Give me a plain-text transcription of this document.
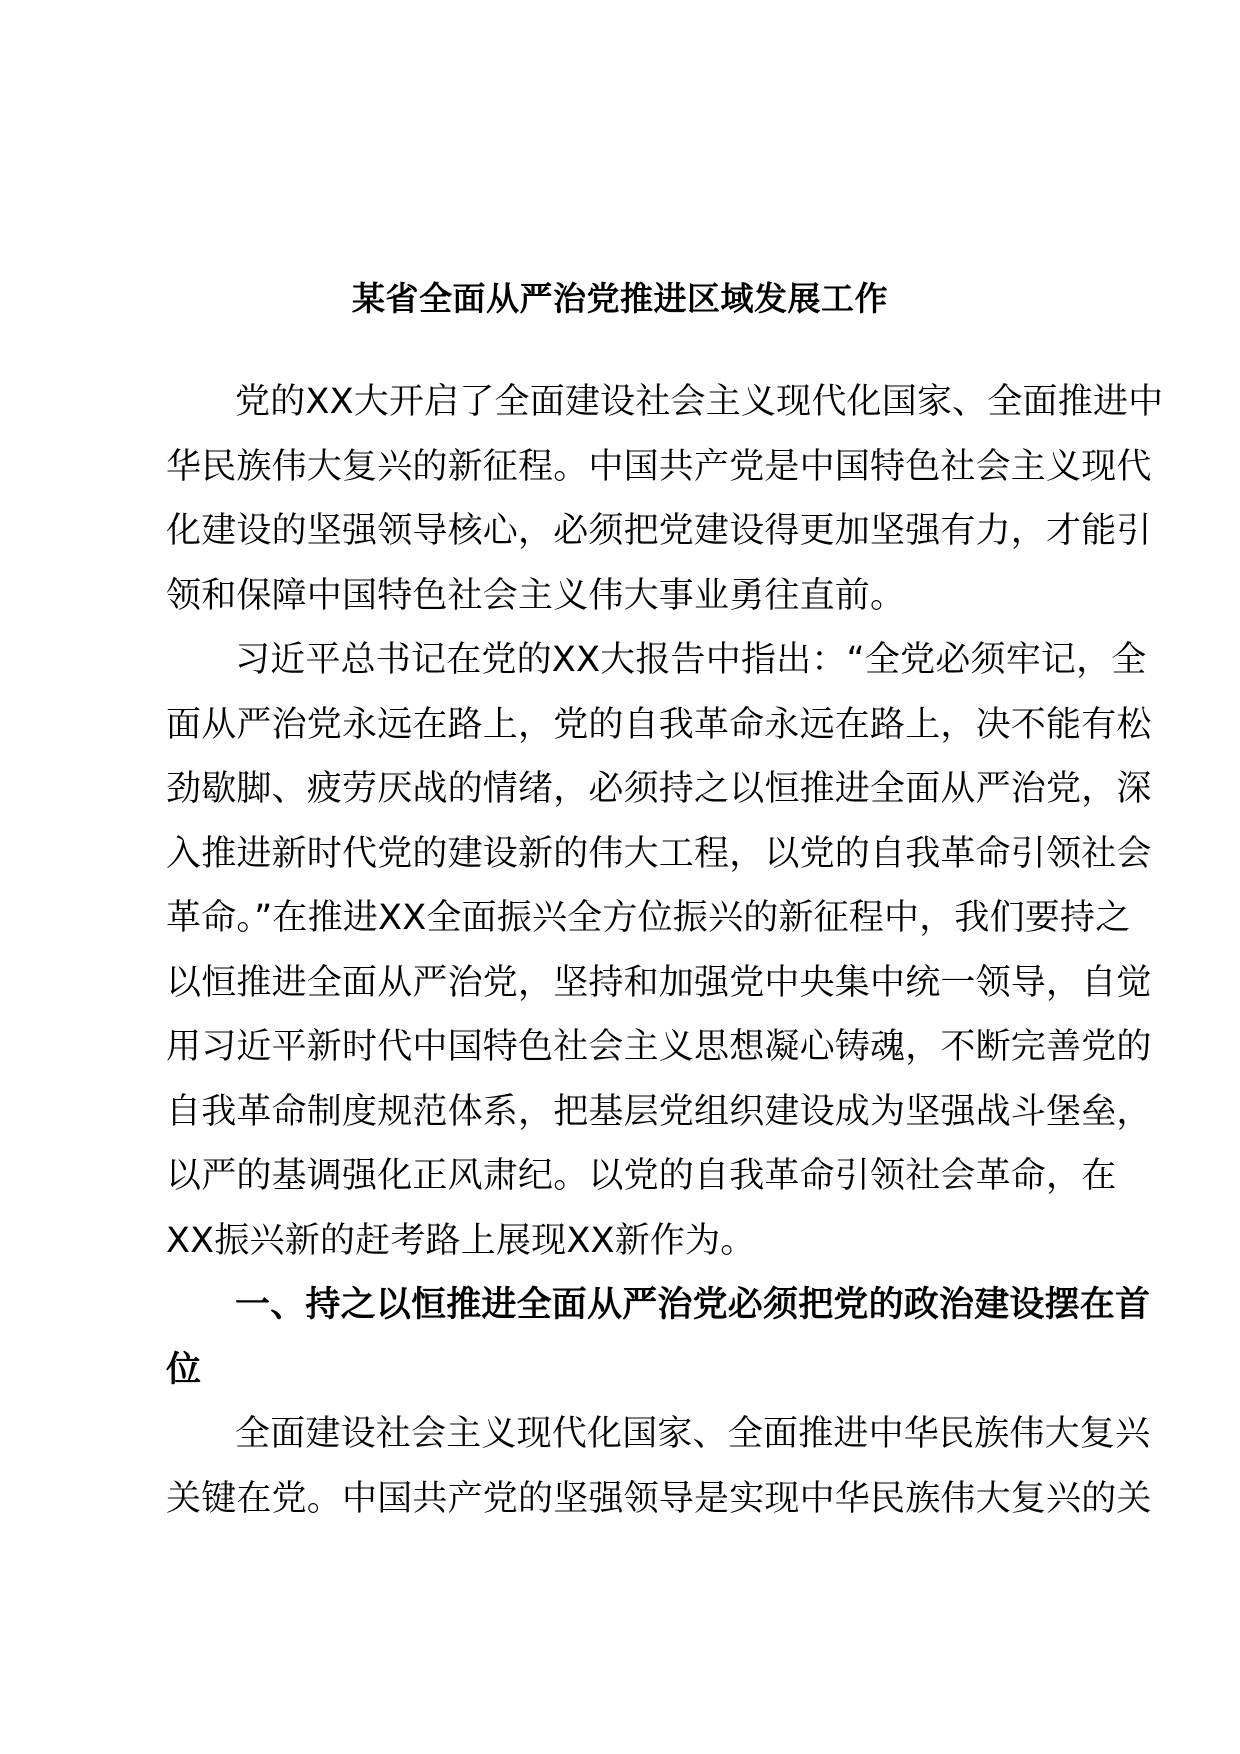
某省全面从严治党推进区域发展工作
党的XX大开启了全面建设社会主义现代化国家、全面推进中
华民族伟大复兴的新征程。中国共产党是中国特色社会主义现代
化建设的坚强领导核心，必须把党建设得更加坚强有力，才能引
领和保障中国特色社会主义伟大事业勇往直前。
习近平总书记在党的XX大报告中指出：“全党必须牢记，全
面从严治党永远在路上，党的自我革命永远在路上，决不能有松
劲歇脚、疲劳厌战的情绪，必须持之以恒推进全面从严治党，深
入推进新时代党的建设新的伟大工程，以党的自我革命引领社会
革命。”在推进XX全面振兴全方位振兴的新征程中，我们要持之
以恒推进全面从严治党，坚持和加强党中央集中统一领导，自觉
用习近平新时代中国特色社会主义思想凝心铸魂，不断完善党的
自我革命制度规范体系，把基层党组织建设成为坚强战斗堡垒，
以严的基调强化正风肃纪。以党的自我革命引领社会革命，在
XX振兴新的赶考路上展现XX新作为。
一、持之以恒推进全面从严治党必须把党的政治建设摆在首
位
全面建设社会主义现代化国家、全面推进中华民族伟大复兴
关键在党。中国共产党的坚强领导是实现中华民族伟大复兴的关
